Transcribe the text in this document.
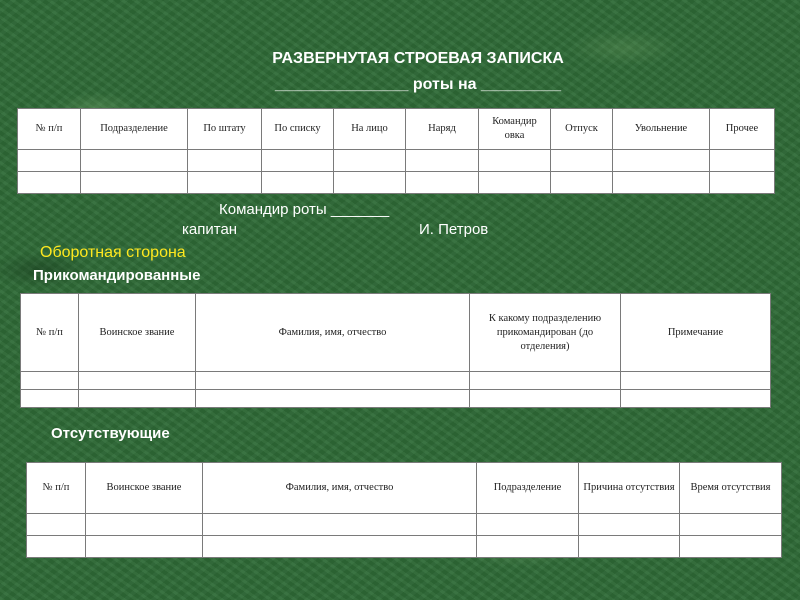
РАЗВЕРНУТАЯ СТРОЕВАЯ ЗАПИСКА

_______________ роты на _________

№ п/п	Подразделение	По штату	По списку	На лицо	Наряд	Командир овка	Отпуск	Увольнение	Прочее

Командир роты _______

капитан	И. Петров

Оборотная сторона

Прикомандированные

№ п/п	Воинское звание	Фамилия, имя, отчество	К какому подразделению прикомандирован (до отделения)	Примечание

Отсутствующие

№ п/п	Воинское звание	Фамилия, имя, отчество	Подразделение	Причина отсутствия	Время отсутствия
